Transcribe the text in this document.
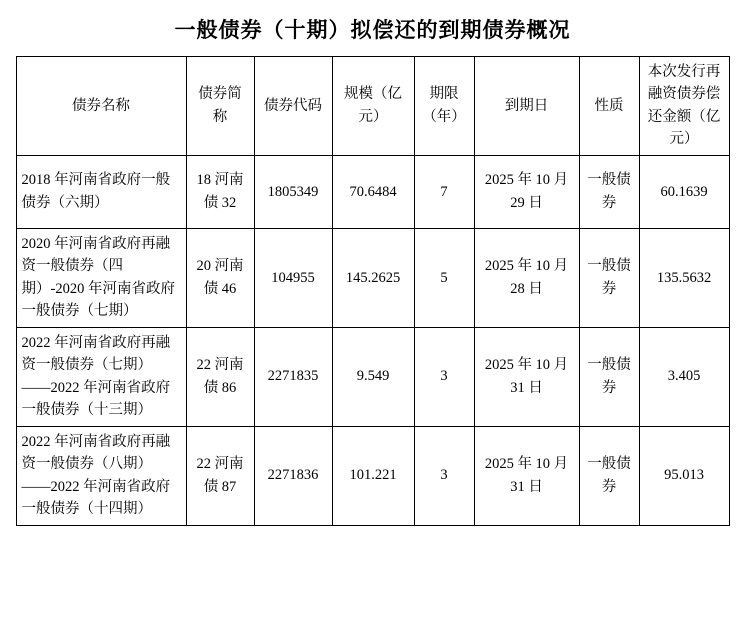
一般债券（十期）拟偿还的到期债券概况
债券名称	债券简称	债券代码	规模（亿元）	期限（年）	到期日	性质	本次发行再融资债券偿还金额（亿元）
2018 年河南省政府一般债券（六期）	18 河南债 32	1805349	70.6484	7	2025 年 10 月 29 日	一般债券	60.1639
2020 年河南省政府再融资一般债券（四期）-2020 年河南省政府一般债券（七期）	20 河南债 46	104955	145.2625	5	2025 年 10 月 28 日	一般债券	135.5632
2022 年河南省政府再融资一般债券（七期）——2022 年河南省政府一般债券（十三期）	22 河南债 86	2271835	9.549	3	2025 年 10 月 31 日	一般债券	3.405
2022 年河南省政府再融资一般债券（八期）——2022 年河南省政府一般债券（十四期）	22 河南债 87	2271836	101.221	3	2025 年 10 月 31 日	一般债券	95.013
